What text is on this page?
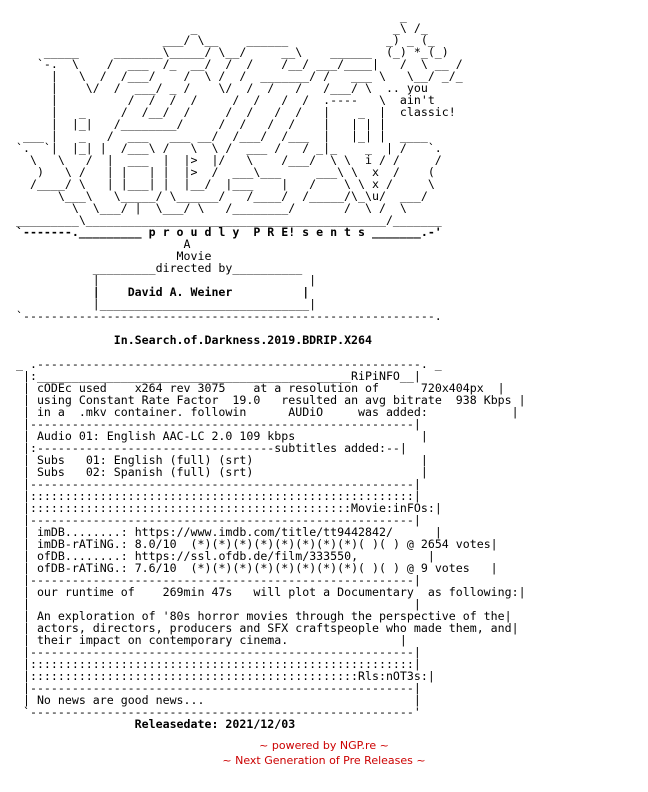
_
_                            _\ /_
___/ \__    ______              _) _ (_
_____     _______\_____/ \__/     __\    ______  (_) *_(_)
`-.  \    /  ___  /_  __/  /  /    /__/ ___/____|   /  \ __ /
|   \  /  /___/    /  \ /  /  _______/ /   ___ \   \__/ _/_
|    \/  /  ___/ _ /    \/  /  /   /   /___/ \  .. you
|          /  /  /  /     /  /   /  /  .----   \  ain't
|   _     /  /__/  /     /  /   /  /   |    _  |  classic!
|  |_|   /________/     /  /   /  /    |   | | |
___ |   _   /  ___   ___ __/  /___/  /___  |   |_| |  ____
`.  `|  |_| |  /___\ /   \  \ /  ___ /   / _|_    _  | /   `.
\   \   /  |  ___  |  |>  |/   \    /___/  \ \  i / /     /
)   \ /   | |   | |  |>  /  ___\___     ___\ \  x  /    (
/____/ \   | |___| |  |__/  |___    |   /    \ \ x /     \
\___\   \_____/ \______/   /____/  /_____/\_\u/  ___/
\  \___/ |  \___/ \   /________/       /  \ /  \
_________\___________________________________________/_______
`-------._________ p r o u d l y  P R E! s e n t s _______.-'
A
Movie
_________directed by__________
|                              |
|    David A. Weiner          |
|______________________________|
`-----------------------------------------------------------.

In.Search.of.Darkness.2019.BDRIP.X264

_ .-------------------------------------------------------. _
|:_____________________________________________RiPiNFO__|
| cODEc used x264 rev 3075 at a resolution of	720x404px  |
| using Constant Rate Factor 19.0 resulted an avg bitrate 938 Kbps |
| in a  .mkv container. followin      AUDiO     was added:            |
|-------------------------------------------------------|
| Audio 01: English AAC-LC 2.0 109 kbps                  |
|:----------------------------------subtitles added:--|
| Subs   01: English (full) (srt)                        |
| Subs   02: Spanish (full) (srt)                        |
|-------------------------------------------------------|
|:::::::::::::::::::::::::::::::::::::::::::::::::::::::|
|::::::::::::::::::::::::::::::::::::::::::::::Movie:inFOs:|
|-------------------------------------------------------|
| imDB........: https://www.imdb.com/title/tt9442842/      |
| imDB-rATiNG.: 8.0/10  (*)(*)(*)(*)(*)(*)(*)(*)( )( ) @ 2654 votes|
| ofDB........: https://ssl.ofdb.de/film/333550,          |
| ofDB-rATiNG.: 7.6/10  (*)(*)(*)(*)(*)(*)(*)(*)( )( ) @ 9 votes   |
|-------------------------------------------------------|
| our runtime of    269min 47s   will plot a Documentary  as following:|
|                                                       |
| An exploration of '80s horror movies through the perspective of the|
| actors, directors, producers and SFX craftspeople who made them, and|
| their impact on contemporary cinema.                |
|-------------------------------------------------------|
|:::::::::::::::::::::::::::::::::::::::::::::::::::::::|
|:::::::::::::::::::::::::::::::::::::::::::::::Rls:nOT3s:|
|-------------------------------------------------------|
| No news are good news...                              |
`-------------------------------------------------------'
Releasedate: 2021/12/03
~ powered by NGP.re ~
~ Next Generation of Pre Releases ~
